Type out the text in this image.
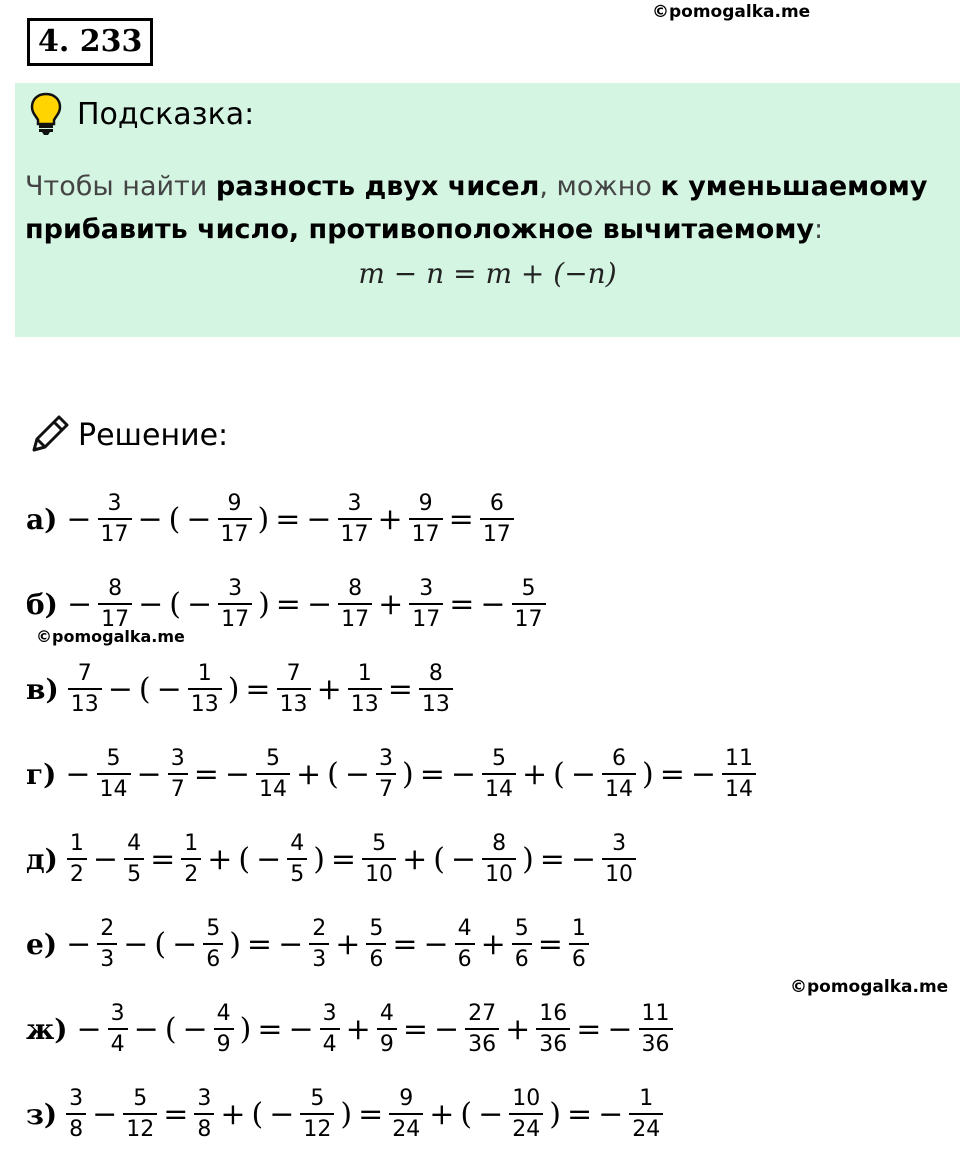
4. 233
©pomogalka.me
Подсказка:
Чтобы найти разность двух чисел, можно к уменьшаемому прибавить число, противоположное вычитаемому:
m − n = m + (−n)
Решение:
$а) - \frac{3}{17}$ − ( − $\frac{9}{17}$ ) = − $\frac{3}{17} + \frac{9}{17} = \frac{6}{17}$
$б) - \frac{8}{17}$ − ( − $\frac{3}{17}$ ) = − $\frac{8}{17} + \frac{3}{17}$ = − $\frac{5}{17}$
$в) \frac{7}{13}$ − ( − $\frac{1}{13}$ ) = $\frac{7}{13} + \frac{1}{13} = \frac{8}{13}$
$г) - \frac{5}{14} - \frac{3}{7}$ = − $\frac{5}{14}$ + ( − $\frac{3}{7}$ ) = − $\frac{5}{14}$ + ( − $\frac{6}{14}$ ) = − $\frac{11}{14}$
$д) \frac{1}{2} - \frac{4}{5} = \frac{1}{2}$ + ( − $\frac{4}{5}$ ) = $\frac{5}{10}$ + ( − $\frac{8}{10}$ ) = − $\frac{3}{10}$
$е) - \frac{2}{3}$ − ( − $\frac{5}{6}$ ) = − $\frac{2}{3} + \frac{5}{6}$ = − $\frac{4}{6} + \frac{5}{6} = \frac{1}{6}$
$ж) - \frac{3}{4}$ − ( − $\frac{4}{9}$ ) = − $\frac{3}{4} + \frac{4}{9}$ = − $\frac{27}{36} + \frac{16}{36}$ = − $\frac{11}{36}$
$з) \frac{3}{8} - \frac{5}{12} = \frac{3}{8}$ + ( − $\frac{5}{12}$ ) = $\frac{9}{24}$ + ( − $\frac{10}{24}$ ) = − $\frac{1}{24}$
©pomogalka.me
©pomogalka.me
